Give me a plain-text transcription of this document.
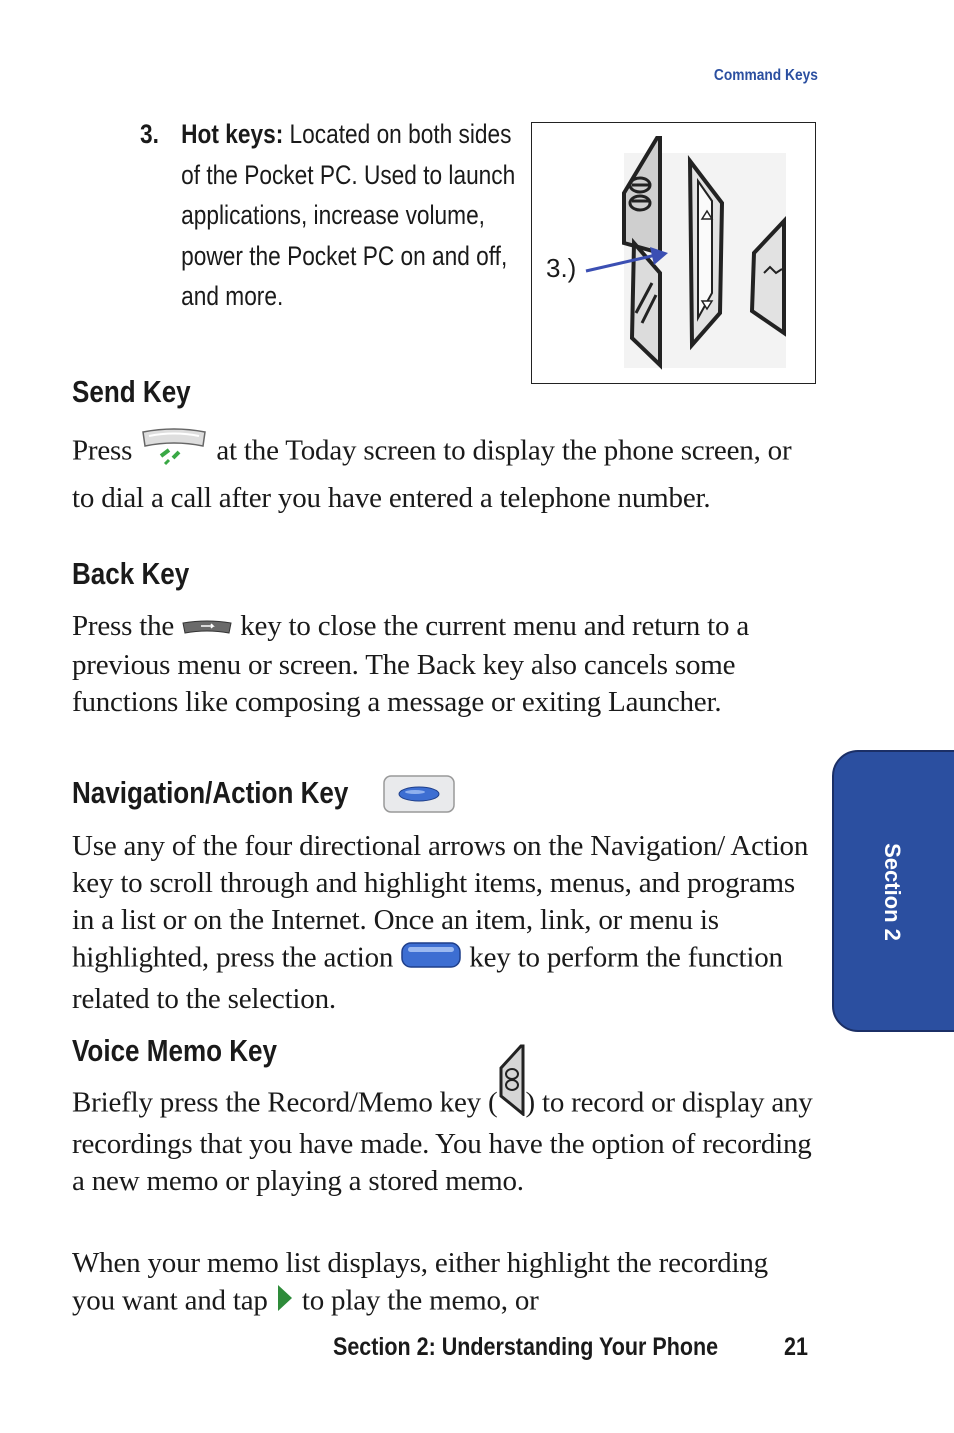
Command Keys
3. Hot keys: Located on both sides of the Pocket PC. Used to launch applications, increase volume, power the Pocket PC on and off, and more.
3.)
Send Key

Press  at the Today screen to display the phone screen, or to dial a call after you have entered a telephone number.

Back Key

Press the  key to close the current menu and return to a previous menu or screen. The Back key also cancels some functions like composing a message or exiting Launcher.

Navigation/Action Key

Use any of the four directional arrows on the Navigation/ Action key to scroll through and highlight items, menus, and programs in a list or on the Internet. Once an item, link, or menu is highlighted, press the action  key to perform the function related to the selection.

Voice Memo Key

Briefly press the Record/Memo key ( ) to record or display any recordings that you have made. You have the option of recording a new memo or playing a stored memo.

When your memo list displays, either highlight the recording you want and tap  to play the memo, or

Section 2
Section 2: Understanding Your Phone	21
